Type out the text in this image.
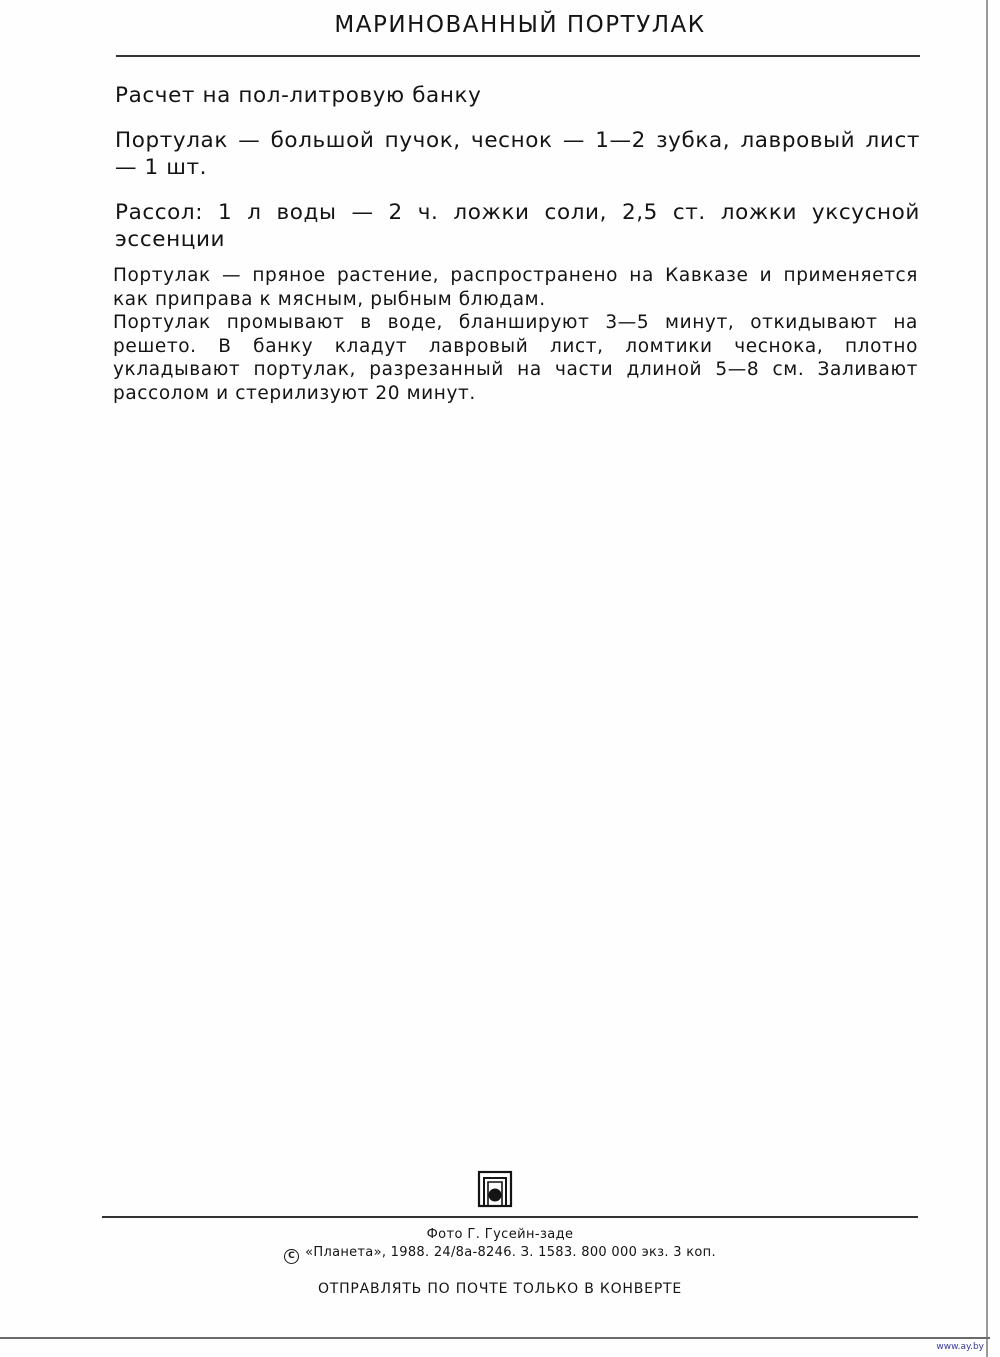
МАРИНОВАННЫЙ ПОРТУЛАК

Расчет на пол-литровую банку

Портулак — большой пучок, чеснок — 1—2 зубка, лавровый лист — 1 шт.

Рассол: 1 л воды — 2 ч. ложки соли, 2,5 ст. ложки уксусной эссенции

Портулак — пряное растение, распространено на Кавказе и применяется как приправа к мясным, рыбным блюдам.

Портулак промывают в воде, бланшируют 3—5 минут, откидывают на решето. В банку кладут лавровый лист, ломтики чеснока, плотно укладывают портулак, разрезанный на части длиной 5—8 см. Заливают рассолом и стерилизуют 20 минут.

Фото Г. Гусейн-заде

C «Планета», 1988. 24/8а-8246. З. 1583. 800 000 экз. 3 коп.

ОТПРАВЛЯТЬ ПО ПОЧТЕ ТОЛЬКО В КОНВЕРТЕ

www.ay.by
